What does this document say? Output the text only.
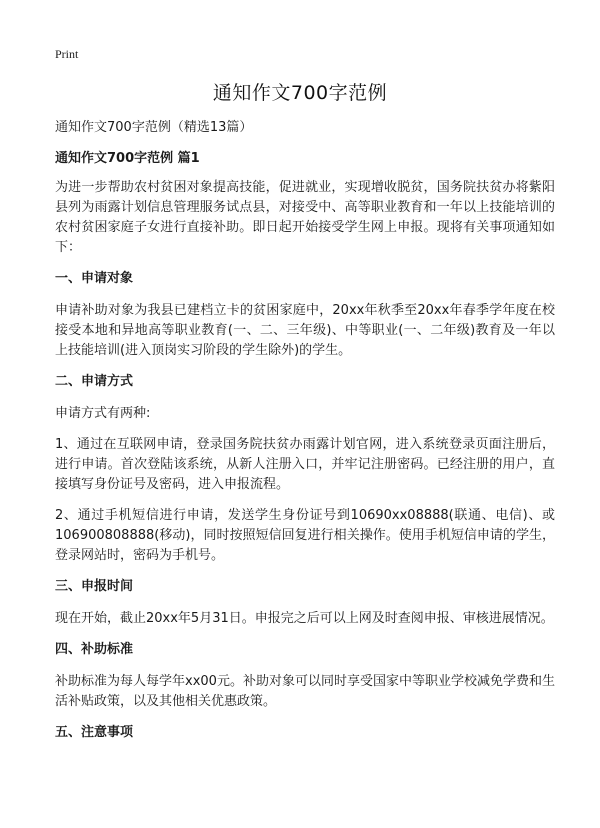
Print
通知作文700字范例
通知作文700字范例（精选13篇）
通知作文700字范例 篇1
为进一步帮助农村贫困对象提高技能，促进就业，实现增收脱贫，国务院扶贫办将紫阳县列为雨露计划信息管理服务试点县，对接受中、高等职业教育和一年以上技能培训的农村贫困家庭子女进行直接补助。即日起开始接受学生网上申报。现将有关事项通知如下：
一、申请对象
申请补助对象为我县已建档立卡的贫困家庭中，20xx年秋季至20xx年春季学年度在校接受本地和异地高等职业教育(一、二、三年级)、中等职业(一、二年级)教育及一年以上技能培训(进入顶岗实习阶段的学生除外)的学生。
二、申请方式
申请方式有两种:
1、通过在互联网申请，登录国务院扶贫办雨露计划官网，进入系统登录页面注册后，进行申请。首次登陆该系统，从新人注册入口，并牢记注册密码。已经注册的用户，直接填写身份证号及密码，进入申报流程。
2、通过手机短信进行申请，发送学生身份证号到10690xx08888(联通、电信)、或106900808888(移动)，同时按照短信回复进行相关操作。使用手机短信申请的学生，登录网站时，密码为手机号。
三、申报时间
现在开始，截止20xx年5月31日。申报完之后可以上网及时查阅申报、审核进展情况。
四、补助标准
补助标准为每人每学年xx00元。补助对象可以同时享受国家中等职业学校减免学费和生活补贴政策，以及其他相关优惠政策。
五、注意事项
